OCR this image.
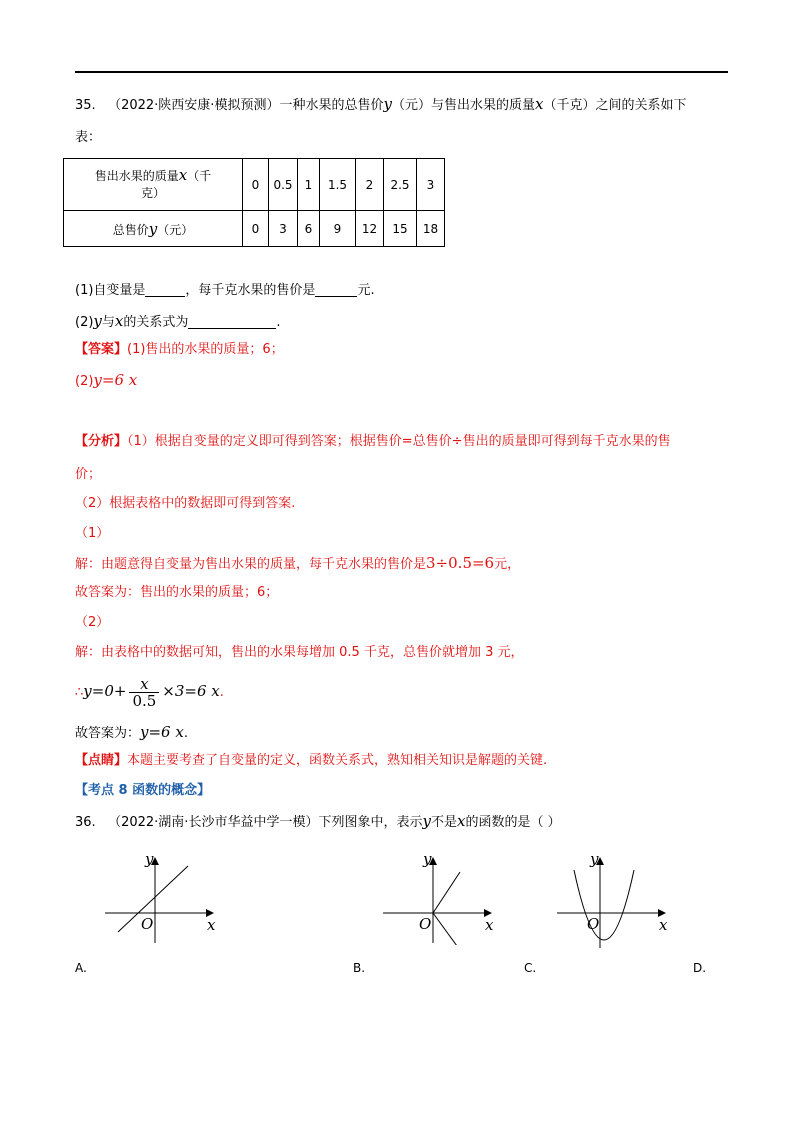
35. （2022·陕西安康·模拟预测）一种水果的总售价y（元）与售出水果的质量x（千克）之间的关系如下
表：
售出水果的质量x（千
克）	0	0.5	1	1.5	2	2.5	3
总售价y（元）	0	3	6	9	12	15	18
(1)自变量是	，每千克水果的售价是	元.
(2)y与x的关系式为	.
【答案】(1)售出的水果的质量；6；
(2)y=6 x
【分析】（1）根据自变量的定义即可得到答案；根据售价=总售价÷售出的质量即可得到每千克水果的售
价；
（2）根据表格中的数据即可得到答案.
（1）
解：由题意得自变量为售出水果的质量，每千克水果的售价是3÷0.5=6元，
故答案为：售出的水果的质量；6；
（2）
解：由表格中的数据可知，售出的水果每增加 0.5 千克，总售价就增加 3 元，
∴y=0+ $\frac{x}{0.5} \times 3=6$ x.
故答案为：y=6 x.
【点睛】本题主要考查了自变量的定义，函数关系式，熟知相关知识是解题的关键.
【考点 8 函数的概念】
36. （2022·湖南·长沙市华益中学一模）下列图象中，表示y不是x的函数的是（ ）
y
x
O
y
x
O
y
x
O
A.	B.	C.	D.
